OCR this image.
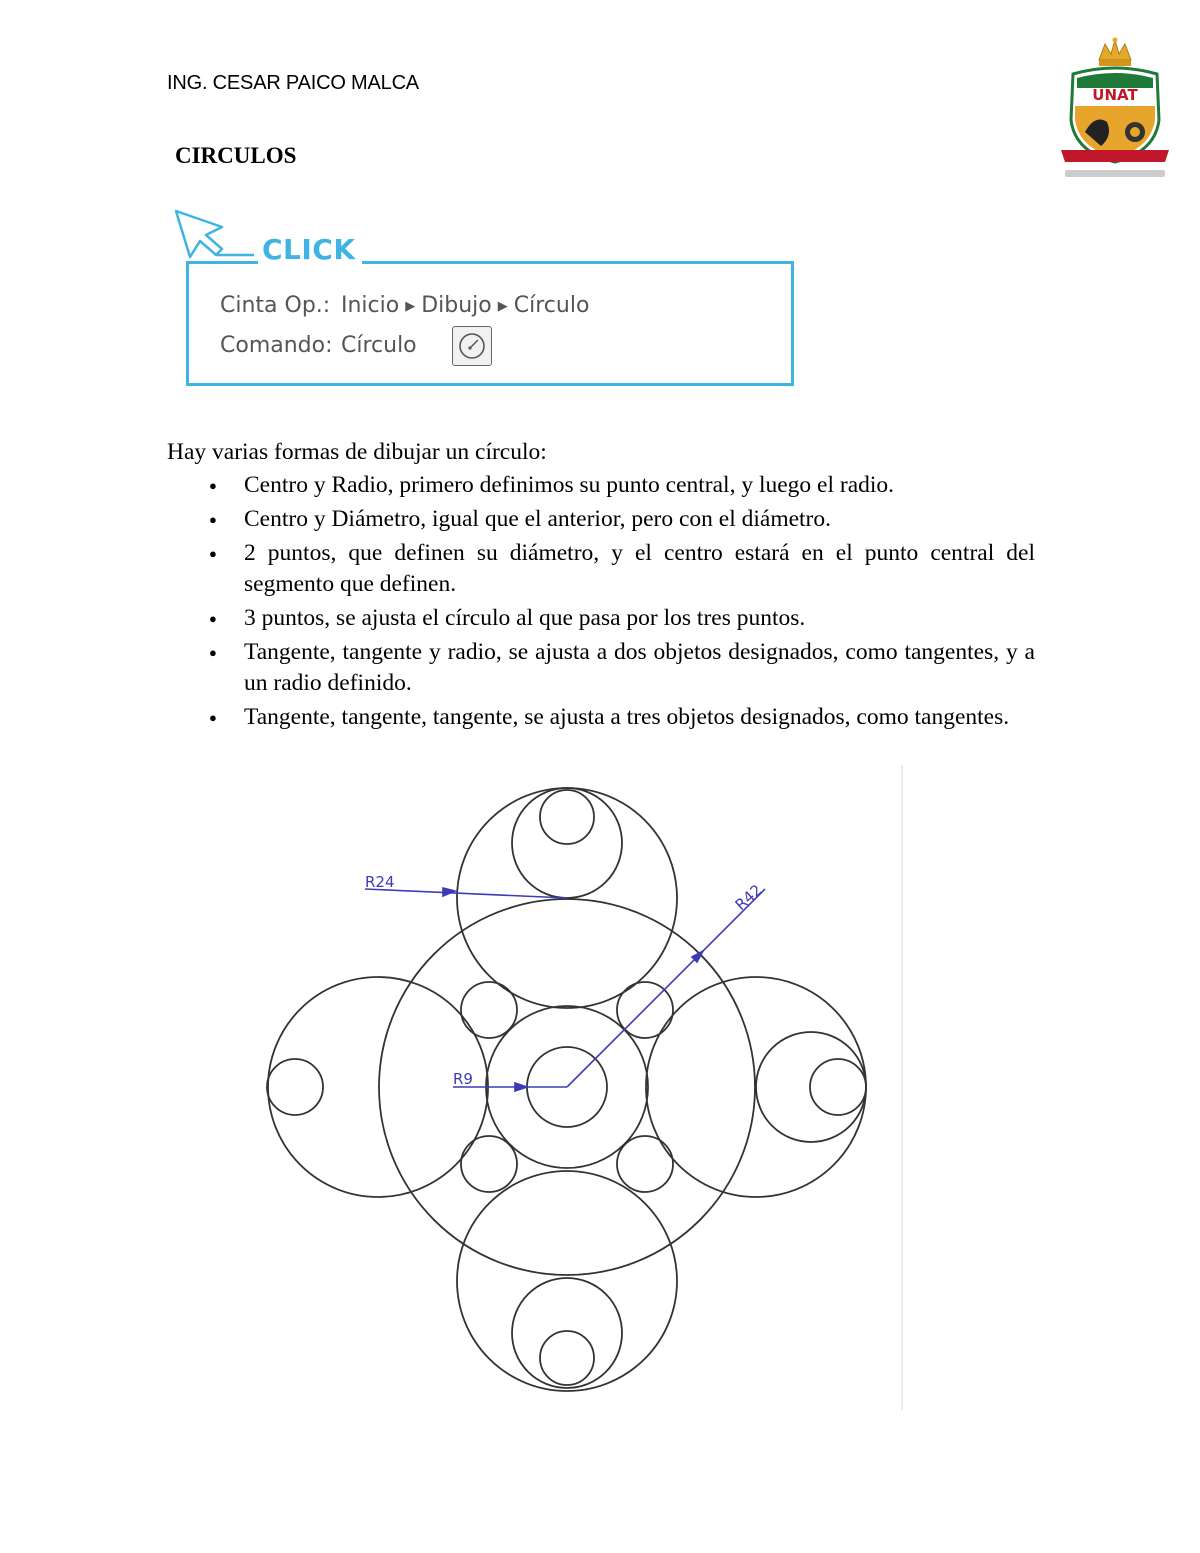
ING. CESAR PAICO MALCA
UNAT
CIRCULOS
CLICK
Cinta Op.: Inicio ▶ Dibujo ▶ Círculo
Comando: Círculo

Hay varias formas de dibujar un círculo:

● Centro y Radio, primero definimos su punto central, y luego el radio.
● Centro y Diámetro, igual que el anterior, pero con el diámetro.
● 2 puntos, que definen su diámetro, y el centro estará en el punto central del segmento que definen.
● 3 puntos, se ajusta el círculo al que pasa por los tres puntos.
● Tangente, tangente y radio, se ajusta a dos objetos designados, como tangentes, y a un radio definido.
● Tangente, tangente, tangente, se ajusta a tres objetos designados, como tangentes.
R24	R42
R9
